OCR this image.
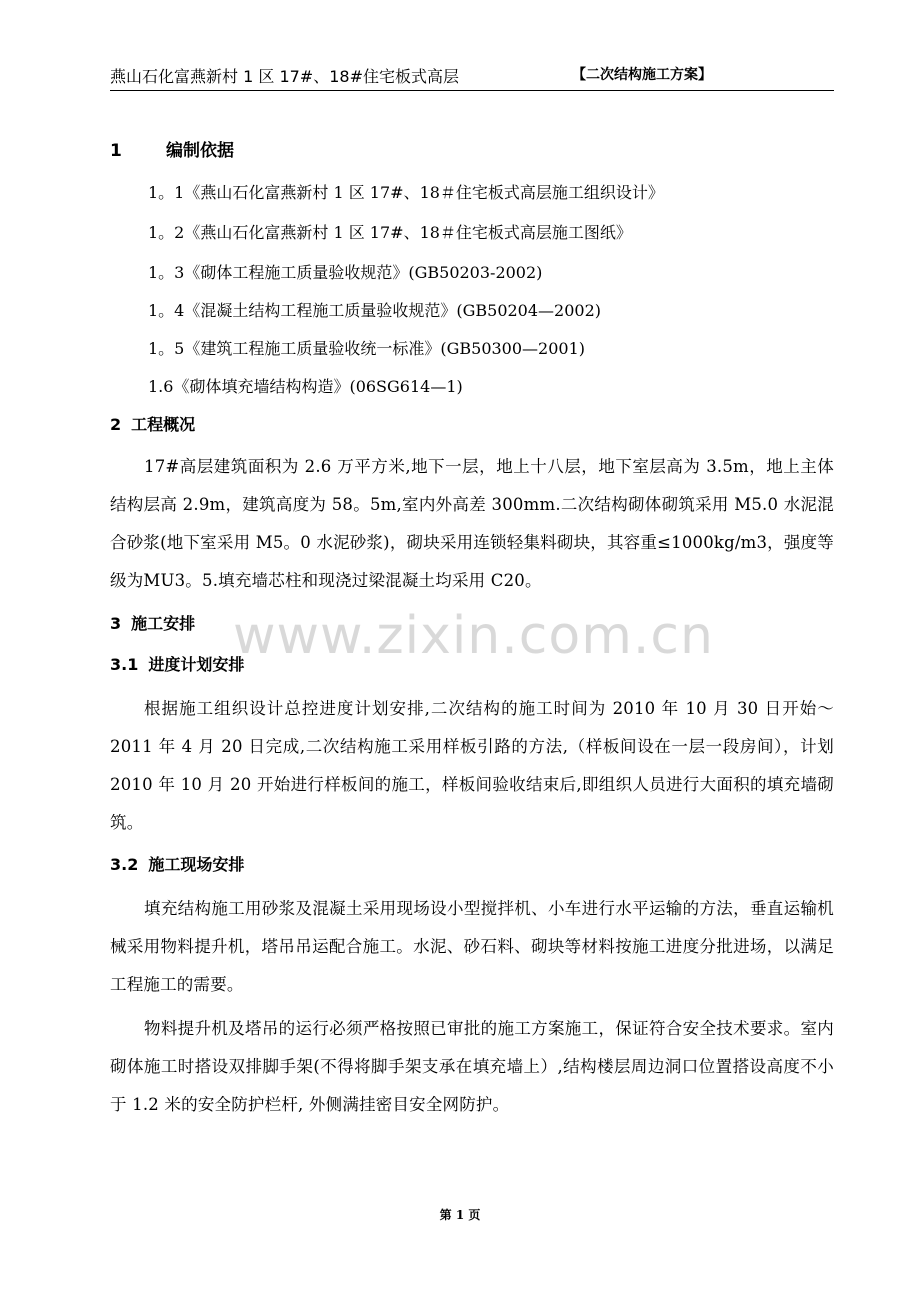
燕山石化富燕新村 1 区 17#、18#住宅板式高层	【二次结构施工方案】
1	编制依据
1。1《燕山石化富燕新村 1 区 17#、18＃住宅板式高层施工组织设计》
1。2《燕山石化富燕新村 1 区 17#、18＃住宅板式高层施工图纸》
1。3《砌体工程施工质量验收规范》(GB50203-2002)
1。4《混凝土结构工程施工质量验收规范》(GB50204—2002)
1。5《建筑工程施工质量验收统一标准》(GB50300—2001)
1.6《砌体填充墙结构构造》(06SG614—1)
2 工程概况
17#高层建筑面积为 2.6 万平方米,地下一层，地上十八层，地下室层高为 3.5m，地上主体结构层高 2.9m，建筑高度为 58。5m,室内外高差 300mm.二次结构砌体砌筑采用 M5.0 水泥混合砂浆(地下室采用 M5。0 水泥砂浆)，砌块采用连锁轻集料砌块，其容重≤1000kg/m3，强度等级为MU3。5.填充墙芯柱和现浇过梁混凝土均采用 C20。
3 施工安排
3.1 进度计划安排
根据施工组织设计总控进度计划安排,二次结构的施工时间为 2010 年 10 月 30 日开始～2011 年 4 月 20 日完成,二次结构施工采用样板引路的方法,（样板间设在一层一段房间），计划 2010 年 10 月 20 开始进行样板间的施工，样板间验收结束后,即组织人员进行大面积的填充墙砌筑。
3.2 施工现场安排
填充结构施工用砂浆及混凝土采用现场设小型搅拌机、小车进行水平运输的方法，垂直运输机械采用物料提升机，塔吊吊运配合施工。水泥、砂石料、砌块等材料按施工进度分批进场，以满足工程施工的需要。
物料提升机及塔吊的运行必须严格按照已审批的施工方案施工，保证符合安全技术要求。室内砌体施工时搭设双排脚手架(不得将脚手架支承在填充墙上）,结构楼层周边洞口位置搭设高度不小于 1.2 米的安全防护栏杆, 外侧满挂密目安全网防护。
www.zixin.com.cn
第 1 页
